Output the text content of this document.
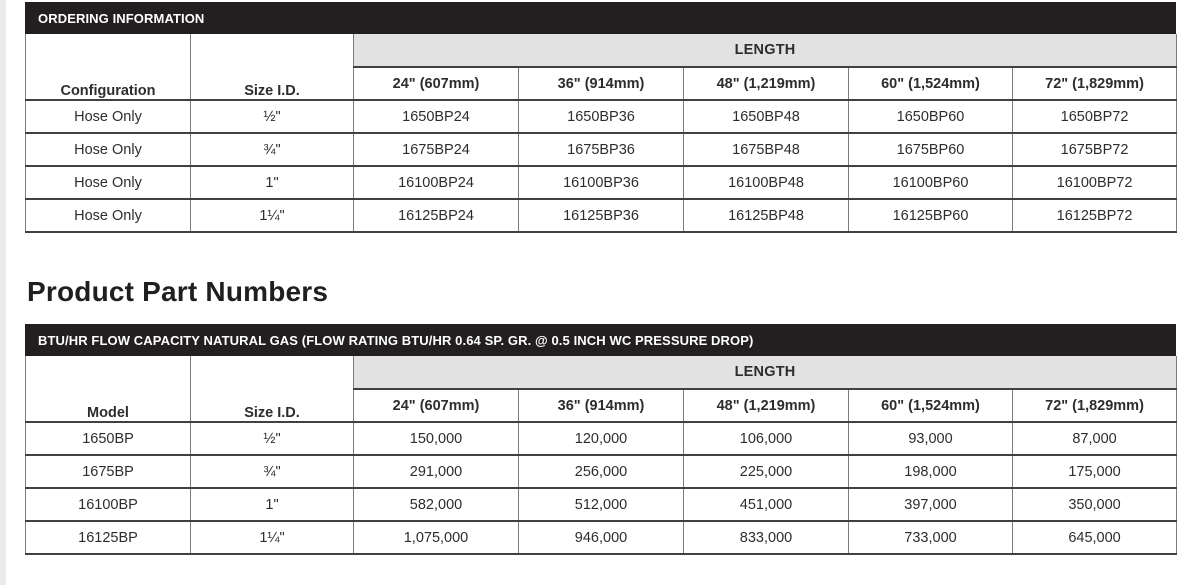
ORDERING INFORMATION
Configuration	Size I.D.	LENGTH				
		24" (607mm)	36" (914mm)	48" (1,219mm)	60" (1,524mm)	72" (1,829mm)
Hose Only	½"	1650BP24	1650BP36	1650BP48	1650BP60	1650BP72
Hose Only	¾"	1675BP24	1675BP36	1675BP48	1675BP60	1675BP72
Hose Only	1"	16100BP24	16100BP36	16100BP48	16100BP60	16100BP72
Hose Only	1¼"	16125BP24	16125BP36	16125BP48	16125BP60	16125BP72
Product Part Numbers
BTU/HR FLOW CAPACITY NATURAL GAS (FLOW RATING BTU/HR 0.64 SP. GR. @ 0.5 INCH WC PRESSURE DROP)
Model	Size I.D.	LENGTH				
		24" (607mm)	36" (914mm)	48" (1,219mm)	60" (1,524mm)	72" (1,829mm)
1650BP	½"	150,000	120,000	106,000	93,000	87,000
1675BP	¾"	291,000	256,000	225,000	198,000	175,000
16100BP	1"	582,000	512,000	451,000	397,000	350,000
16125BP	1¼"	1,075,000	946,000	833,000	733,000	645,000
